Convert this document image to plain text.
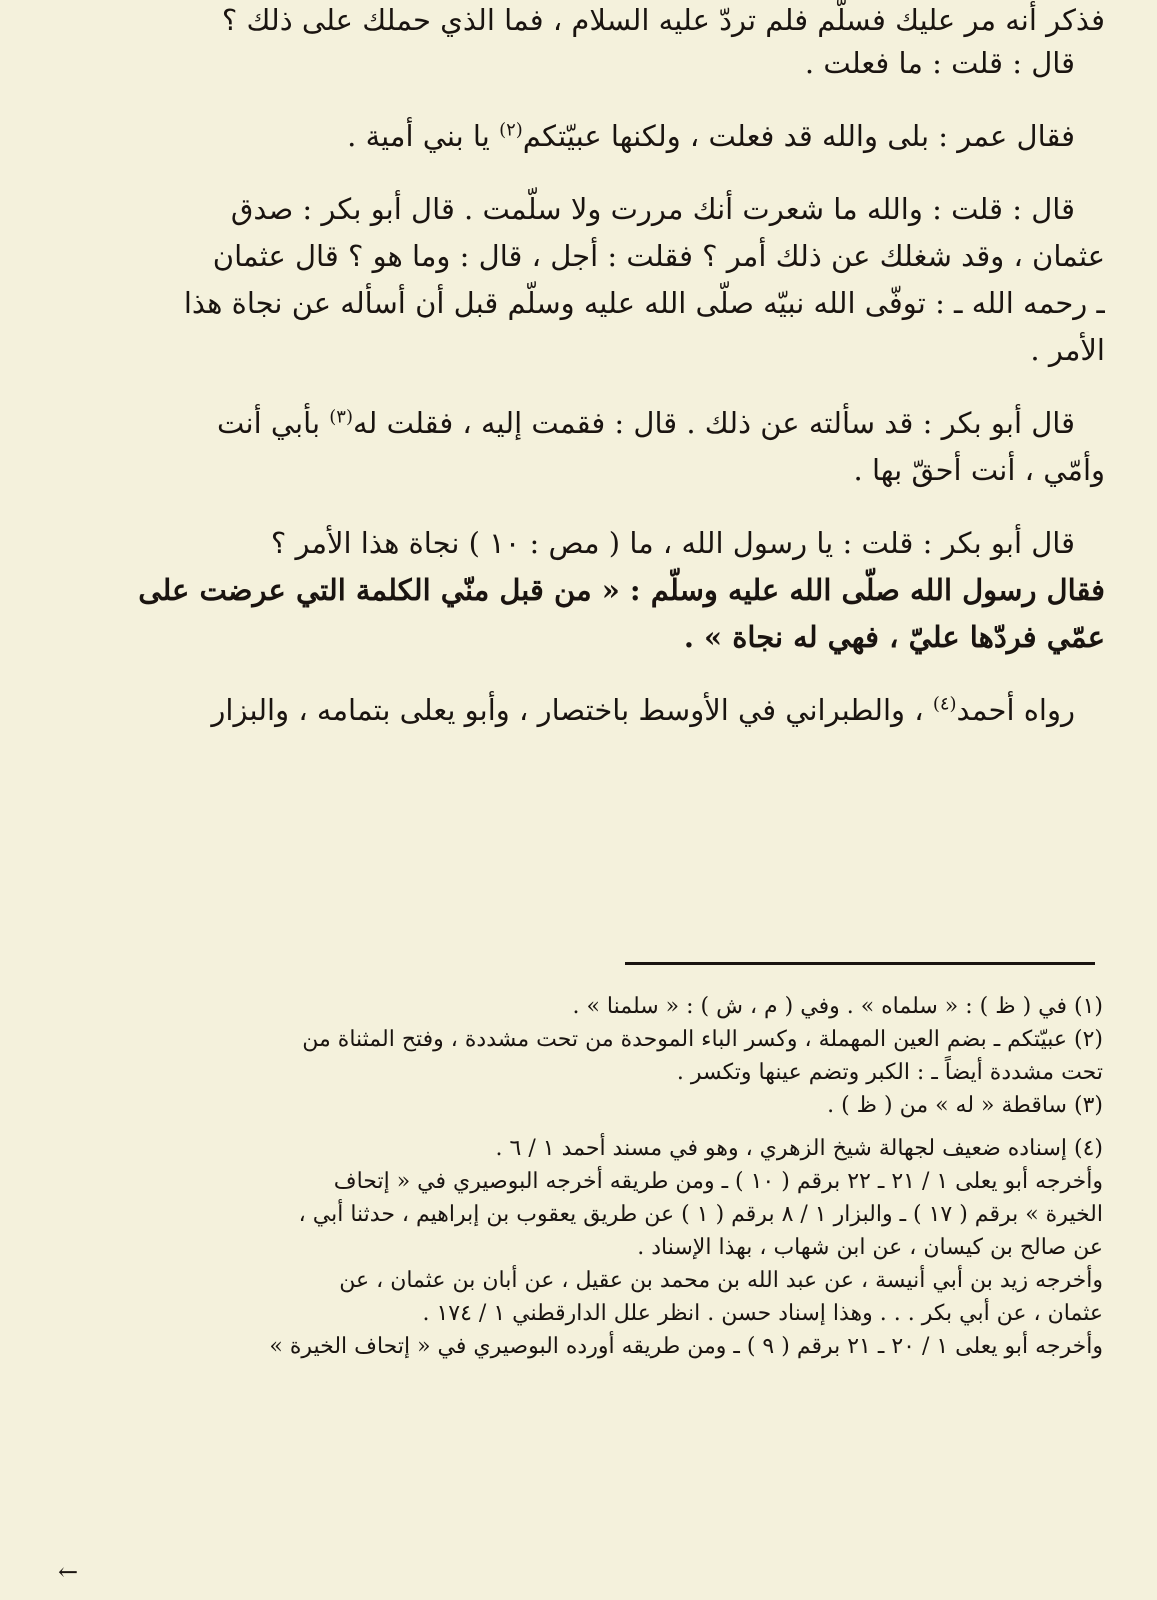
فذكر أنه مر عليك فسلّم فلم تردّ عليه السلام ، فما الذي حملك على ذلك ؟
قال : قلت : ما فعلت .
فقال عمر : بلى والله قد فعلت ، ولكنها عبيّتكم$^{(٢)}$ يا بني أمية .
قال : قلت : والله ما شعرت أنك مررت ولا سلّمت . قال أبو بكر : صدق
عثمان ، وقد شغلك عن ذلك أمر ؟ فقلت : أجل ، قال : وما هو ؟ قال عثمان
ـ رحمه الله ـ : توفّى الله نبيّه صلّى الله عليه وسلّم قبل أن أسأله عن نجاة هذا
الأمر .
قال أبو بكر : قد سألته عن ذلك . قال : فقمت إليه ، فقلت له$^{(٣)}$ بأبي أنت
وأمّي ، أنت أحقّ بها .
قال أبو بكر : قلت : يا رسول الله ، ما ( مص : ١٠ ) نجاة هذا الأمر ؟
فقال رسول الله صلّى الله عليه وسلّم : « من قبل منّي الكلمة التي عرضت على
عمّي فردّها عليّ ، فهي له نجاة » .
رواه أحمد$^{(٤)}$ ، والطبراني في الأوسط باختصار ، وأبو يعلى بتمامه ، والبزار
(١) في ( ظ ) : « سلماه » . وفي ( م ، ش ) : « سلمنا » .
(٢) عبيّتكم ـ بضم العين المهملة ، وكسر الباء الموحدة من تحت مشددة ، وفتح المثناة من
تحت مشددة أيضاً ـ : الكبر وتضم عينها وتكسر .
(٣) ساقطة « له » من ( ظ ) .
(٤) إسناده ضعيف لجهالة شيخ الزهري ، وهو في مسند أحمد ١ / ٦ .
وأخرجه أبو يعلى ١ / ٢١ ـ ٢٢ برقم ( ١٠ ) ـ ومن طريقه أخرجه البوصيري في « إتحاف
الخيرة » برقم ( ١٧ ) ـ والبزار ١ / ٨ برقم ( ١ ) عن طريق يعقوب بن إبراهيم ، حدثنا أبي ،
عن صالح بن كيسان ، عن ابن شهاب ، بهذا الإسناد .
وأخرجه زيد بن أبي أنيسة ، عن عبد الله بن محمد بن عقيل ، عن أبان بن عثمان ، عن
عثمان ، عن أبي بكر . . . وهذا إسناد حسن . انظر علل الدارقطني ١ / ١٧٤ .
وأخرجه أبو يعلى ١ / ٢٠ ـ ٢١ برقم ( ٩ ) ـ ومن طريقه أورده البوصيري في « إتحاف الخيرة »
←
